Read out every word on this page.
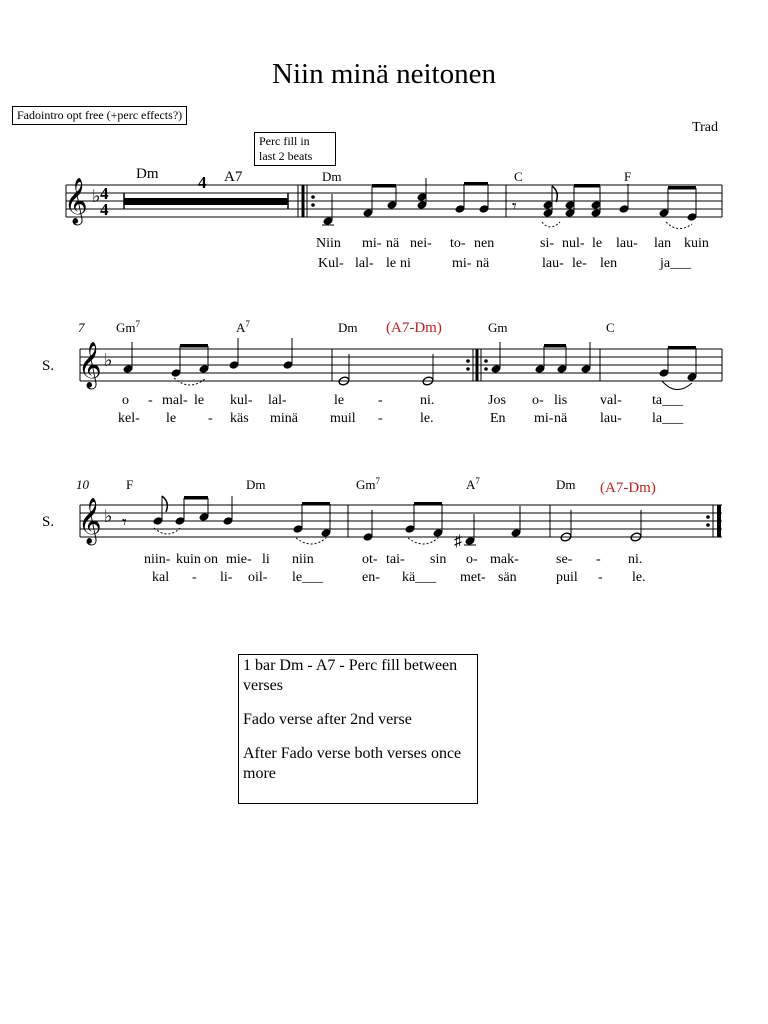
Niin minä neitonen
Trad
Fadointro opt free (+perc effects?)
Perc fill in
last 2 beats
𝄞
𝄞
𝄞
♭
♭
♭
4
4
4
𝄾
Dm	A7	Dm	C	F
Niin mi- nä nei- to- nen	si- nul- le lau- lan kuin
Kul- lal- le ni	mi- nä	lau- le- len	ja___
7
S.
Gm$^7$	$A^7$	Dm (A7-Dm)	Gm	C
o - mal- le kul- lal-	le -	ni.	Jos o- lis val- ta___
kel- le - käs minä muil -	le.	En mi- nä lau- la___
10
S.
F	Dm	Gm$^7$	$A^7$	Dm (A7-Dm)
𝄾
♯
niin- kuin on mie- li niin	ot- tai- sin o- mak-	se- - ni.
kal - li- oil- le___	en- kä___ met- sän	puil - le.

1 bar Dm - A7 - Perc fill between verses

Fado verse after 2nd verse

After Fado verse both verses once more
